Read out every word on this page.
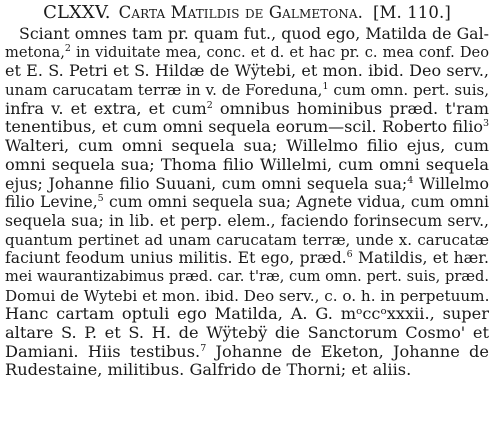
CLXXV. Carta Matildis de Galmetona. [M. 110.]
Sciant omnes tam pr. quam fut., quod ego, Matilda de Gal-
metona,$^2$ in viduitate mea, conc. et d. et hac pr. c. mea conf. Deo
et E. S. Petri et S. Hildæ de Wÿtebi, et mon. ibid. Deo serv.,
unam carucatam terræ in v. de Foreduna,$^1$ cum omn. pert. suis,
infra v. et extra, et cum$^2$ omnibus hominibus præd. t'ram
tenentibus, et cum omni sequela eorum—scil. Roberto filio$^3$
Walteri, cum omni sequela sua; Willelmo filio ejus, cum
omni sequela sua; Thoma filio Willelmi, cum omni sequela
ejus; Johanne filio Suuani, cum omni sequela sua;$^4$ Willelmo
filio Levine,$^5$ cum omni sequela sua; Agnete vidua, cum omni
sequela sua; in lib. et perp. elem., faciendo forinsecum serv.,
quantum pertinet ad unam carucatam terræ, unde x. carucatæ
faciunt feodum unius militis. Et ego, præd.$^6$ Matildis, et hær.
mei waurantizabimus præd. car. t'ræ, cum omn. pert. suis, præd.
Domui de Wytebi et mon. ibid. Deo serv., c. o. h. in perpetuum.
Hanc cartam optuli ego Matilda, A. G. mᵒccᵒxxxii., super
altare S. P. et S. H. de Wÿtebÿ die Sanctorum Cosmo' et
Damiani. Hiis testibus.$^7$ Johanne de Eketon, Johanne de
Rudestaine, militibus. Galfrido de Thorni; et aliis.
